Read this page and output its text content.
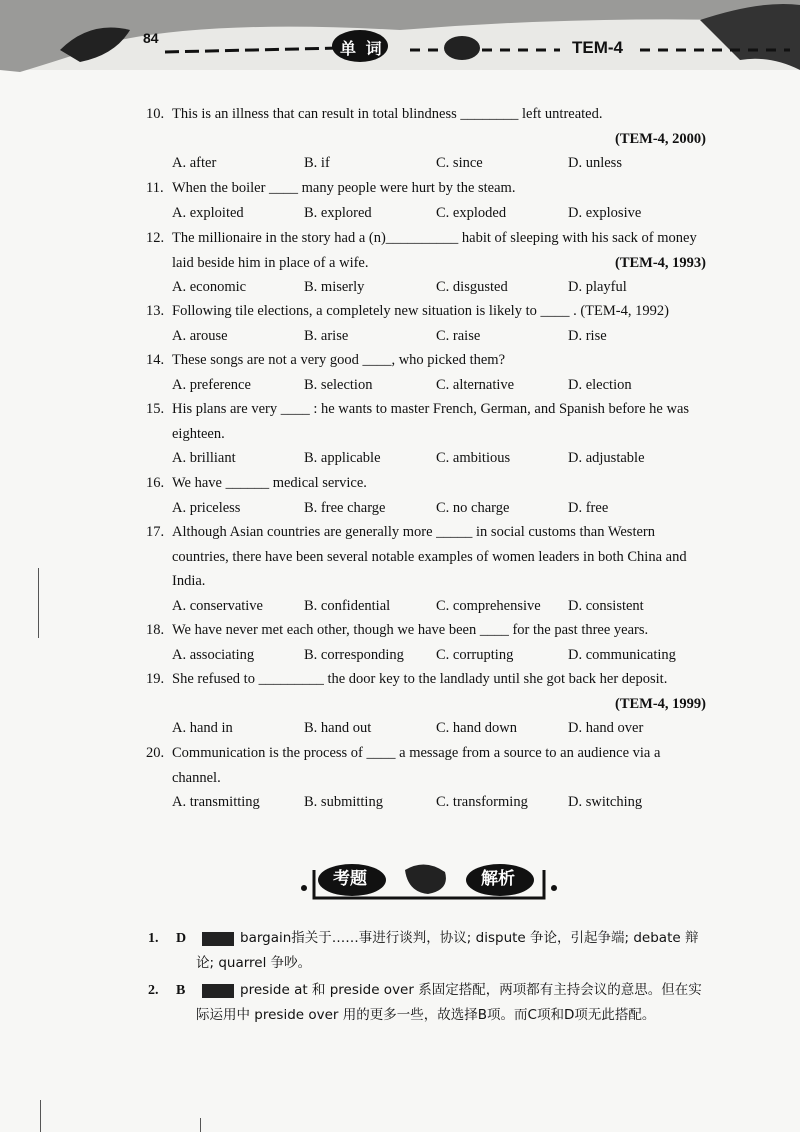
84
单 词	TEM-4
10. This is an illness that can result in total blindness ________ left untreated.
(TEM-4, 2000)
A. after	B. if	C. since	D. unless
11. When the boiler ____ many people were hurt by the steam.
A. exploited	B. explored	C. exploded	D. explosive
12. The millionaire in the story had a (n)__________ habit of sleeping with his sack of money laid beside him in place of a wife.	(TEM-4, 1993)
A. economic	B. miserly	C. disgusted	D. playful
13. Following tile elections, a completely new situation is likely to ____ . (TEM-4, 1992)
A. arouse	B. arise	C. raise	D. rise
14. These songs are not a very good ____, who picked them?
A. preference	B. selection	C. alternative	D. election
15. His plans are very ____ : he wants to master French, German, and Spanish before he was eighteen.
A. brilliant	B. applicable	C. ambitious	D. adjustable
16. We have ______ medical service.
A. priceless	B. free charge	C. no charge	D. free
17. Although Asian countries are generally more _____ in social customs than Western countries, there have been several notable examples of women leaders in both China and India.
A. conservative	B. confidential	C. comprehensive D. consistent
18. We have never met each other, though we have been ____ for the past three years.
A. associating	B. corresponding C. corrupting	D. communicating
19. She refused to _________ the door key to the landlady until she got back her deposit.
(TEM-4, 1999)
A. hand in	B. hand out	C. hand down	D. hand over
20. Communication is the process of ____ a message from a source to an audience via a channel.
A. transmitting	B. submitting	C. transforming	D. switching
考题	解析
1. D	bargain指关于……事进行谈判，协议; dispute 争论，引起争端; debate 辩论; quarrel 争吵。
2. B	preside at 和 preside over 系固定搭配，两项都有主持会议的意思。但在实际运用中 preside over 用的更多一些，故选择B项。而C项和D项无此搭配。
